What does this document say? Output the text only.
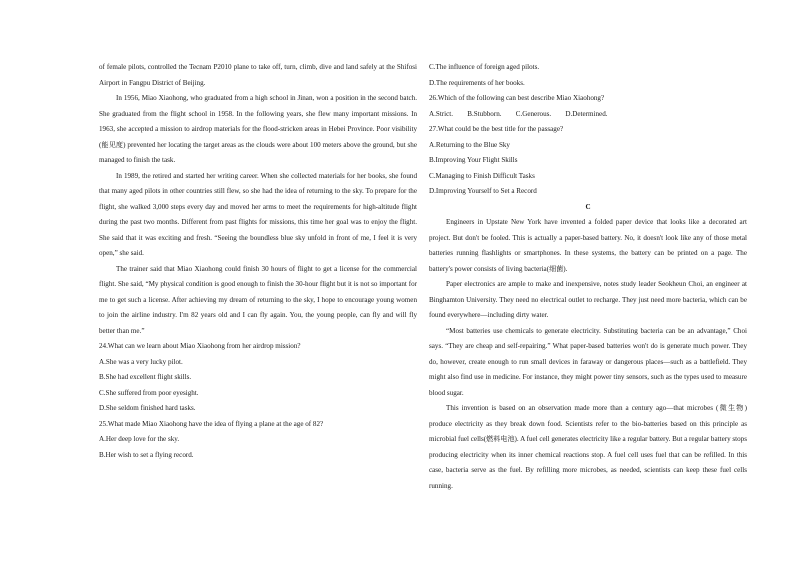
of female pilots, controlled the Tecnam P2010 plane to take off, turn, climb, dive and land safely at the Shifosi Airport in Fangpu District of Beijing.

In 1956, Miao Xiaohong, who graduated from a high school in Jinan, won a position in the second batch. She graduated from the flight school in 1958. In the following years, she flew many important missions. In 1963, she accepted a mission to airdrop materials for the flood-stricken areas in Hebei Province. Poor visibility (能见度) prevented her locating the target areas as the clouds were about 100 meters above the ground, but she managed to finish the task.

In 1989, the retired and started her writing career. When she collected materials for her books, she found that many aged pilots in other countries still flew, so she had the idea of returning to the sky. To prepare for the flight, she walked 3,000 steps every day and moved her arms to meet the requirements for high-altitude flight during the past two months. Different from past flights for missions, this time her goal was to enjoy the flight. She said that it was exciting and fresh. “Seeing the boundless blue sky unfold in front of me, I feel it is very open,” she said.

The trainer said that Miao Xiaohong could finish 30 hours of flight to get a license for the commercial flight. She said, “My physical condition is good enough to finish the 30-hour flight but it is not so important for me to get such a license. After achieving my dream of returning to the sky, I hope to encourage young women to join the airline industry. I'm 82 years old and I can fly again. You, the young people, can fly and will fly better than me.”

24.What can we learn about Miao Xiaohong from her airdrop mission?

A.She was a very lucky pilot.

B.She had excellent flight skills.

C.She suffered from poor eyesight.

D.She seldom finished hard tasks.

25.What made Miao Xiaohong have the idea of flying a plane at the age of 82?

A.Her deep love for the sky.

B.Her wish to set a flying record.

C.The influence of foreign aged pilots.

D.The requirements of her books.

26.Which of the following can best describe Miao Xiaohong?

A.Strict. B.Stubborn. C.Generous. D.Determined.

27.What could be the best title for the passage?

A.Returning to the Blue Sky

B.Improving Your Flight Skills

C.Managing to Finish Difficult Tasks

D.Improving Yourself to Set a Record

C

Engineers in Upstate New York have invented a folded paper device that looks like a decorated art project. But don't be fooled. This is actually a paper-based battery. No, it doesn't look like any of those metal batteries running flashlights or smartphones. In these systems, the battery can be printed on a page. The battery's power consists of living bacteria(细菌).

Paper electronics are ample to make and inexpensive, notes study leader Seokheun Choi, an engineer at Binghamton University. They need no electrical outlet to recharge. They just need more bacteria, which can be found everywhere—including dirty water.

“Most batteries use chemicals to generate electricity. Substituting bacteria can be an advantage,” Choi says. “They are cheap and self-repairing.” What paper-based batteries won't do is generate much power. They do, however, create enough to run small devices in faraway or dangerous places—such as a battlefield. They might also find use in medicine. For instance, they might power tiny sensors, such as the types used to measure blood sugar.

This invention is based on an observation made more than a century ago—that microbes (微生物) produce electricity as they break down food. Scientists refer to the bio-batteries based on this principle as microbial fuel cells(燃料电池). A fuel cell generates electricity like a regular battery. But a regular battery stops producing electricity when its inner chemical reactions stop. A fuel cell uses fuel that can be refilled. In this case, bacteria serve as the fuel. By refilling more microbes, as needed, scientists can keep these fuel cells running.
